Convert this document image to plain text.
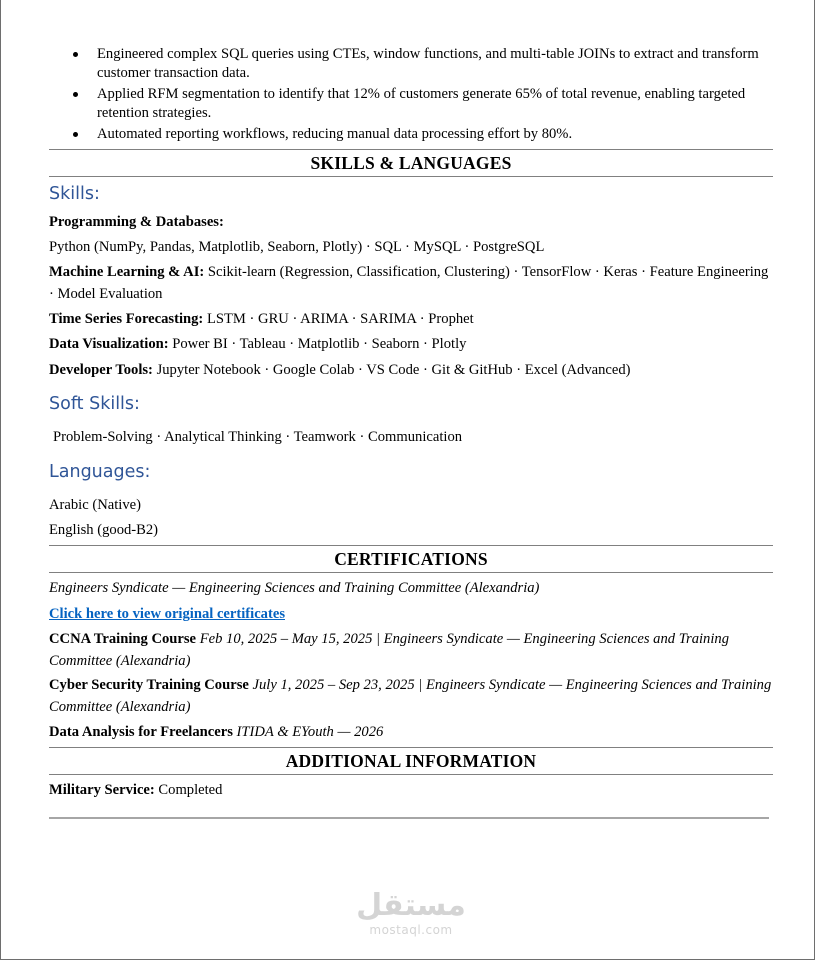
Engineered complex SQL queries using CTEs, window functions, and multi-table JOINs to extract and transform customer transaction data.
Applied RFM segmentation to identify that 12% of customers generate 65% of total revenue, enabling targeted retention strategies.
Automated reporting workflows, reducing manual data processing effort by 80%.
SKILLS & LANGUAGES
Skills:
Programming & Databases:
Python (NumPy, Pandas, Matplotlib, Seaborn, Plotly) · SQL · MySQL · PostgreSQL
Machine Learning & AI: Scikit-learn (Regression, Classification, Clustering) · TensorFlow · Keras · Feature Engineering · Model Evaluation
Time Series Forecasting: LSTM · GRU · ARIMA · SARIMA · Prophet
Data Visualization: Power BI · Tableau · Matplotlib · Seaborn · Plotly
Developer Tools: Jupyter Notebook · Google Colab · VS Code · Git & GitHub · Excel (Advanced)
Soft Skills:
Problem-Solving · Analytical Thinking · Teamwork · Communication
Languages:
Arabic (Native)
English (good-B2)
CERTIFICATIONS
Engineers Syndicate — Engineering Sciences and Training Committee (Alexandria)
Click here to view original certificates
CCNA Training Course Feb 10, 2025 – May 15, 2025 | Engineers Syndicate — Engineering Sciences and Training Committee (Alexandria)
Cyber Security Training Course July 1, 2025 – Sep 23, 2025 | Engineers Syndicate — Engineering Sciences and Training Committee (Alexandria)
Data Analysis for Freelancers ITIDA & EYouth — 2026
ADDITIONAL INFORMATION
Military Service: Completed
مستقل
mostaql.com
